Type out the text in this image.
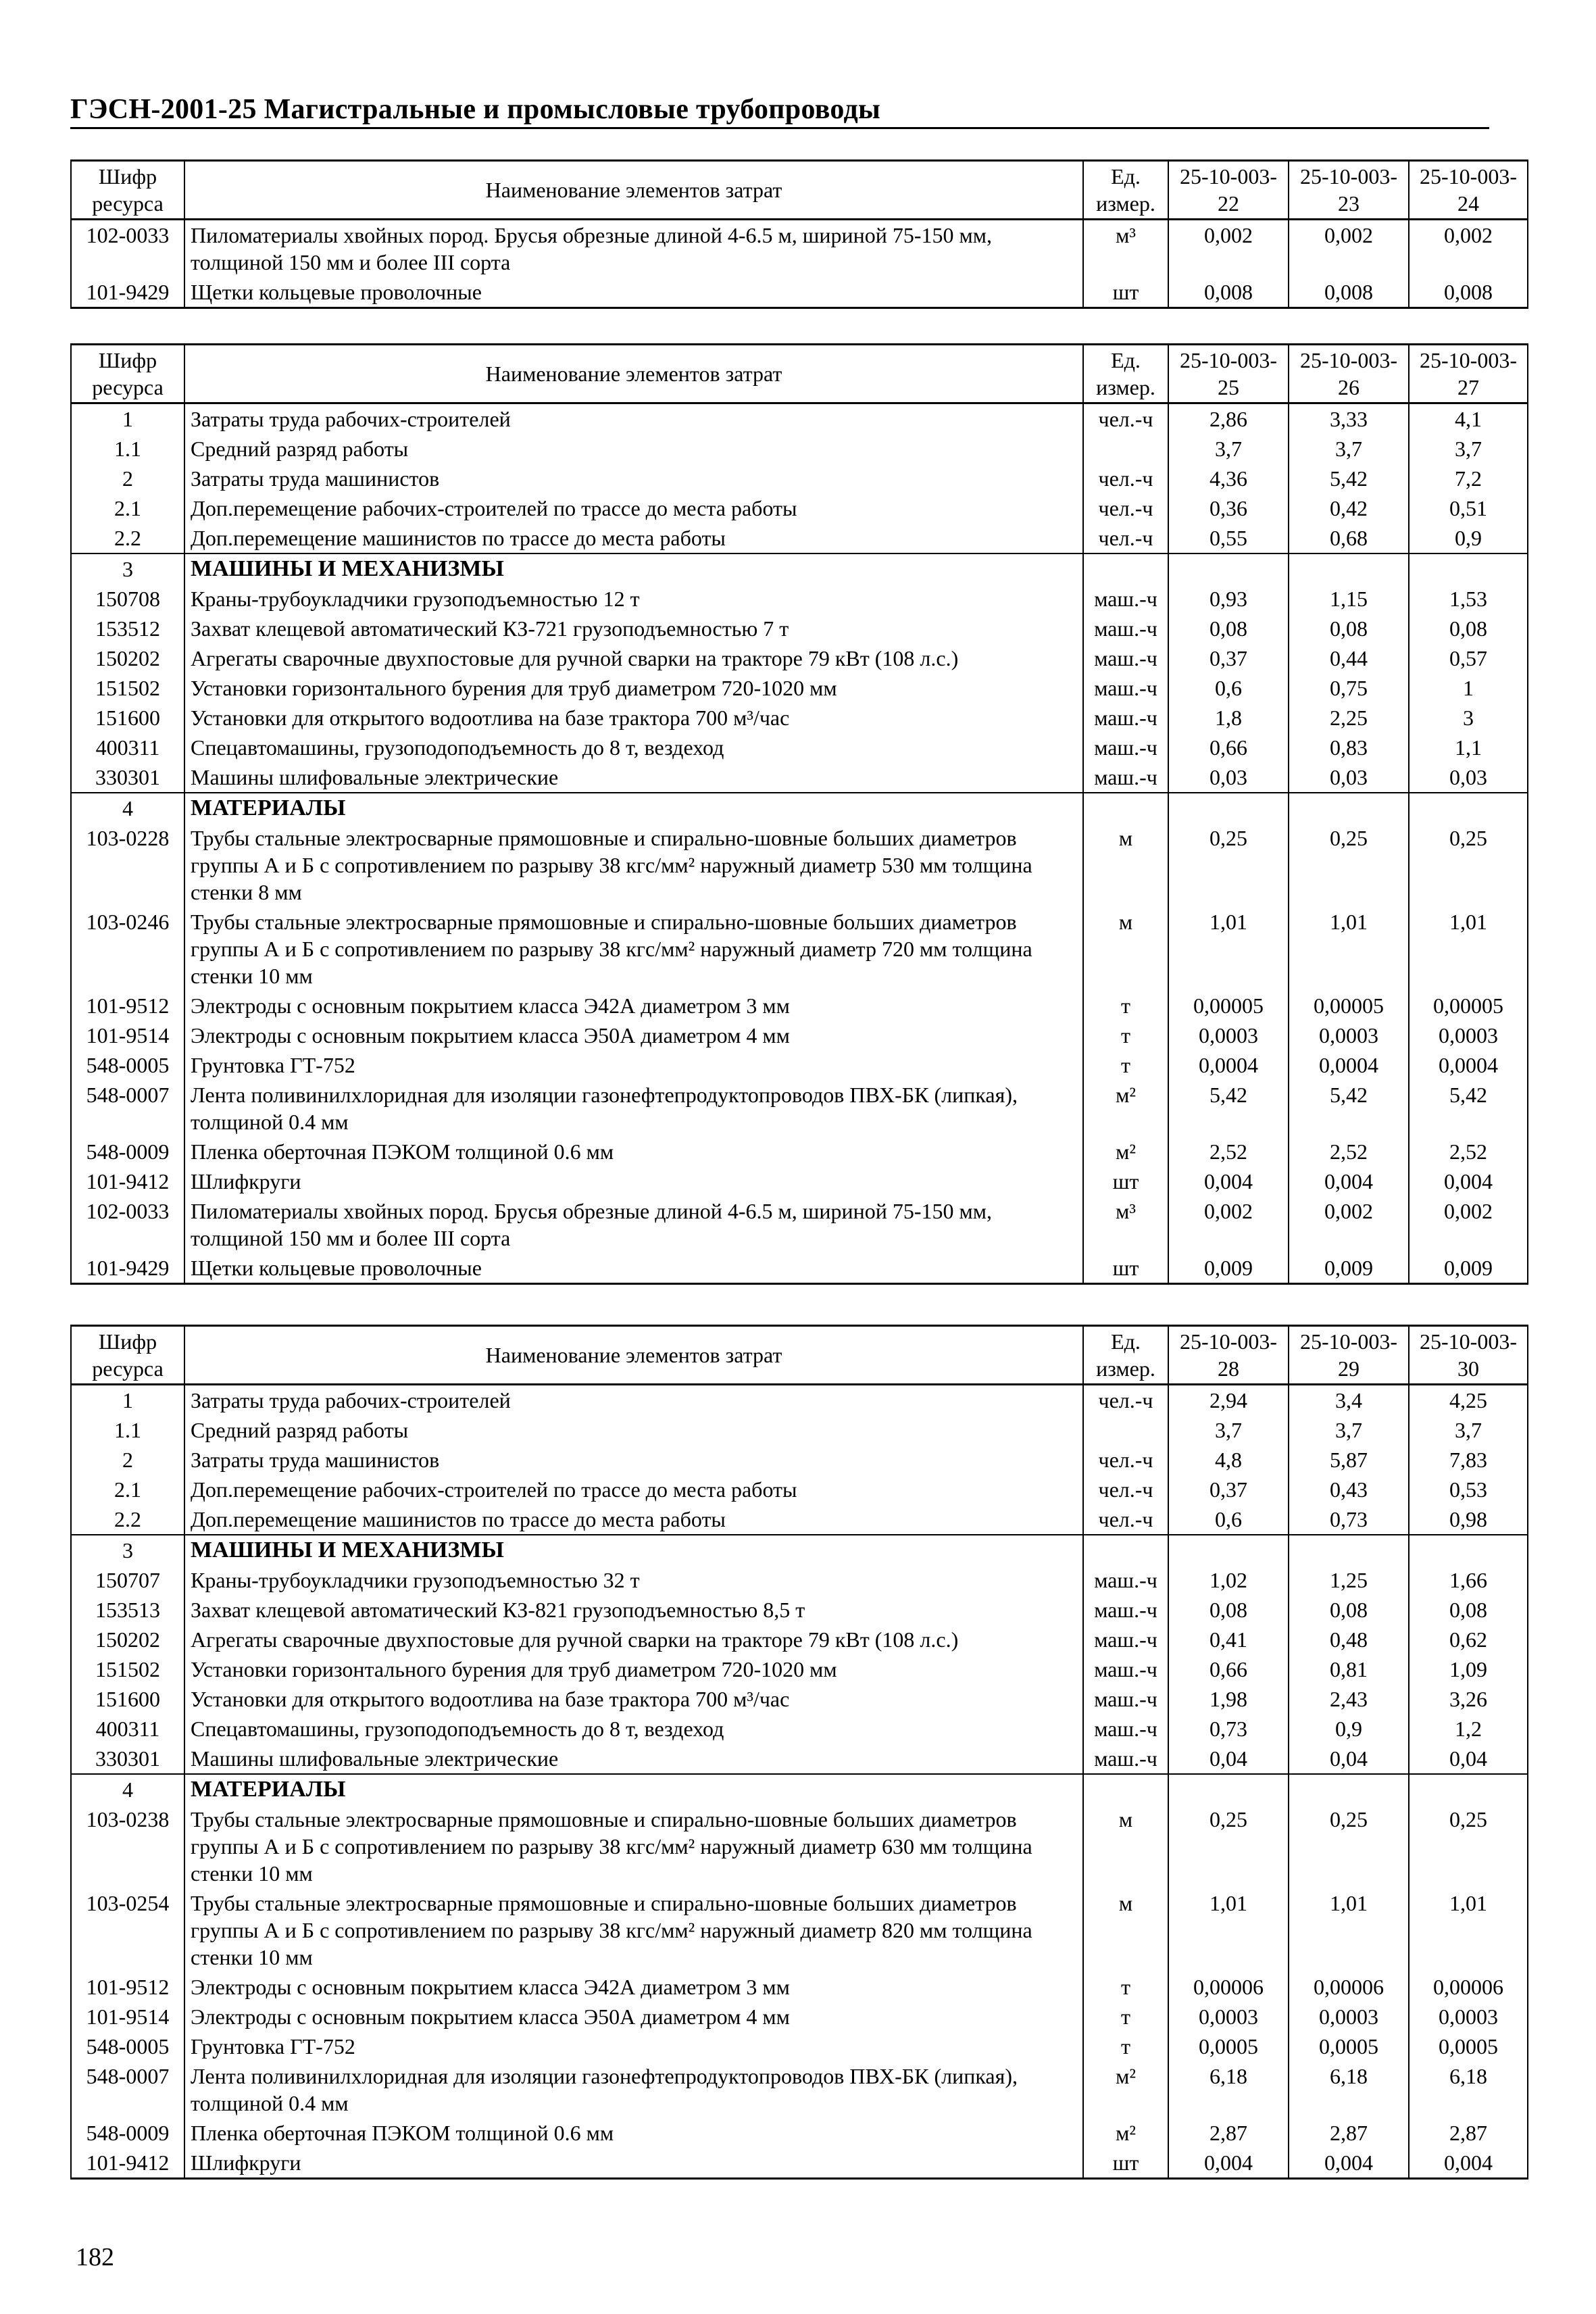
ГЭСН-2001-25 Магистральные и промысловые трубопроводы
Шифр ресурса	Наименование элементов затрат	Ед. измер.	25-10-003-22	25-10-003-23	25-10-003-24
102-0033	Пиломатериалы хвойных пород. Брусья обрезные длиной 4-6.5 м, шириной 75-150 мм, толщиной 150 мм и более III сорта	м³	0,002	0,002	0,002
101-9429	Щетки кольцевые проволочные	шт	0,008	0,008	0,008
Шифр ресурса	Наименование элементов затрат	Ед. измер.	25-10-003-25	25-10-003-26	25-10-003-27
1	Затраты труда рабочих-строителей	чел.-ч	2,86	3,33	4,1
1.1	Средний разряд работы		3,7	3,7	3,7
2	Затраты труда машинистов	чел.-ч	4,36	5,42	7,2
2.1	Доп.перемещение рабочих-строителей по трассе до места работы	чел.-ч	0,36	0,42	0,51
2.2	Доп.перемещение машинистов по трассе до места работы	чел.-ч	0,55	0,68	0,9
3	МАШИНЫ И МЕХАНИЗМЫ				
150708	Краны-трубоукладчики грузоподъемностью 12 т	маш.-ч	0,93	1,15	1,53
153512	Захват клещевой автоматический КЗ-721 грузоподъемностью 7 т	маш.-ч	0,08	0,08	0,08
150202	Агрегаты сварочные двухпостовые для ручной сварки на тракторе 79 кВт (108 л.с.)	маш.-ч	0,37	0,44	0,57
151502	Установки горизонтального бурения для труб диаметром 720-1020 мм	маш.-ч	0,6	0,75	1
151600	Установки для открытого водоотлива на базе трактора 700 м³/час	маш.-ч	1,8	2,25	3
400311	Спецавтомашины, грузоподоподъемность до 8 т, вездеход	маш.-ч	0,66	0,83	1,1
330301	Машины шлифовальные электрические	маш.-ч	0,03	0,03	0,03
4	МАТЕРИАЛЫ				
103-0228	Трубы стальные электросварные прямошовные и спирально-шовные больших диаметров группы А и Б с сопротивлением по разрыву 38 кгс/мм² наружный диаметр 530 мм толщина стенки 8 мм	м	0,25	0,25	0,25
103-0246	Трубы стальные электросварные прямошовные и спирально-шовные больших диаметров группы А и Б с сопротивлением по разрыву 38 кгс/мм² наружный диаметр 720 мм толщина стенки 10 мм	м	1,01	1,01	1,01
101-9512	Электроды с основным покрытием класса Э42А диаметром 3 мм	т	0,00005	0,00005	0,00005
101-9514	Электроды с основным покрытием класса Э50А диаметром 4 мм	т	0,0003	0,0003	0,0003
548-0005	Грунтовка ГТ-752	т	0,0004	0,0004	0,0004
548-0007	Лента поливинилхлоридная для изоляции газонефтепродуктопроводов ПВХ-БК (липкая), толщиной 0.4 мм	м²	5,42	5,42	5,42
548-0009	Пленка оберточная ПЭКОМ толщиной 0.6 мм	м²	2,52	2,52	2,52
101-9412	Шлифкруги	шт	0,004	0,004	0,004
102-0033	Пиломатериалы хвойных пород. Брусья обрезные длиной 4-6.5 м, шириной 75-150 мм, толщиной 150 мм и более III сорта	м³	0,002	0,002	0,002
101-9429	Щетки кольцевые проволочные	шт	0,009	0,009	0,009
Шифр ресурса	Наименование элементов затрат	Ед. измер.	25-10-003-28	25-10-003-29	25-10-003-30
1	Затраты труда рабочих-строителей	чел.-ч	2,94	3,4	4,25
1.1	Средний разряд работы		3,7	3,7	3,7
2	Затраты труда машинистов	чел.-ч	4,8	5,87	7,83
2.1	Доп.перемещение рабочих-строителей по трассе до места работы	чел.-ч	0,37	0,43	0,53
2.2	Доп.перемещение машинистов по трассе до места работы	чел.-ч	0,6	0,73	0,98
3	МАШИНЫ И МЕХАНИЗМЫ				
150707	Краны-трубоукладчики грузоподъемностью 32 т	маш.-ч	1,02	1,25	1,66
153513	Захват клещевой автоматический КЗ-821 грузоподъемностью 8,5 т	маш.-ч	0,08	0,08	0,08
150202	Агрегаты сварочные двухпостовые для ручной сварки на тракторе 79 кВт (108 л.с.)	маш.-ч	0,41	0,48	0,62
151502	Установки горизонтального бурения для труб диаметром 720-1020 мм	маш.-ч	0,66	0,81	1,09
151600	Установки для открытого водоотлива на базе трактора 700 м³/час	маш.-ч	1,98	2,43	3,26
400311	Спецавтомашины, грузоподоподъемность до 8 т, вездеход	маш.-ч	0,73	0,9	1,2
330301	Машины шлифовальные электрические	маш.-ч	0,04	0,04	0,04
4	МАТЕРИАЛЫ				
103-0238	Трубы стальные электросварные прямошовные и спирально-шовные больших диаметров группы А и Б с сопротивлением по разрыву 38 кгс/мм² наружный диаметр 630 мм толщина стенки 10 мм	м	0,25	0,25	0,25
103-0254	Трубы стальные электросварные прямошовные и спирально-шовные больших диаметров группы А и Б с сопротивлением по разрыву 38 кгс/мм² наружный диаметр 820 мм толщина стенки 10 мм	м	1,01	1,01	1,01
101-9512	Электроды с основным покрытием класса Э42А диаметром 3 мм	т	0,00006	0,00006	0,00006
101-9514	Электроды с основным покрытием класса Э50А диаметром 4 мм	т	0,0003	0,0003	0,0003
548-0005	Грунтовка ГТ-752	т	0,0005	0,0005	0,0005
548-0007	Лента поливинилхлоридная для изоляции газонефтепродуктопроводов ПВХ-БК (липкая), толщиной 0.4 мм	м²	6,18	6,18	6,18
548-0009	Пленка оберточная ПЭКОМ толщиной 0.6 мм	м²	2,87	2,87	2,87
101-9412	Шлифкруги	шт	0,004	0,004	0,004
182
